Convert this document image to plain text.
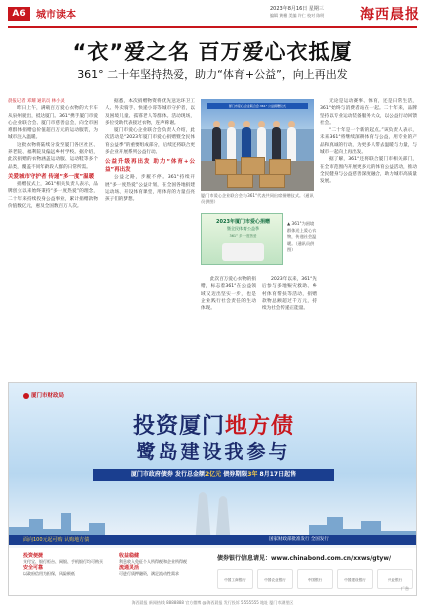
A6	城市读本
2023年8月16日 星期三
编辑 黄楸 美编 许仁 校对 陈明	海西晨报
“衣”爱之名 百万爱心衣抵厦
361° 二十年坚持热爱，助力“体育+公益”，向上再出发

晨报记者 邓耀 通讯员 林小灵

昨日上午，满载百万爱心衣物的大卡车从泉州驶出，抵达厦门。361°携手厦门市爱心企业联合会、厦门市慈善总会，向全市困难群体捐赠总价值超百万元的运动服装，为城市注入温暖。

这批衣物将陆续分发至厦门各区社区、养老院、福利院及偏远乡村学校。据介绍，此次捐赠的衣物涵盖运动服、运动鞋等多个品类，覆盖不同年龄段人群的日常所需。

关爱城市守护者 传递“多一度”温暖

捐赠仪式上，361°相关负责人表示，品牌创立以来始终秉持“多一度热爱”的理念，二十年来持续投身公益事业，累计捐赠款物价值数亿元，惠及全国数百万人次。

据悉，本次捐赠物资将优先送达环卫工人、外卖骑手、快递小哥等城市守护者，以及困境儿童、孤寡老人等群体。活动现场，多位受助代表接过衣物，连声称谢。

厦门市爱心企业联合会负责人介绍，此次活动是“2023年厦门市爱心捐赠暨全民体育公益季”的重要组成部分，后续还将联合更多企业开展系列公益行动。

公益升级再出发 助力“体育+公益”再出发

公益之路，步履不停。361°持续开展“多一度热爱”公益计划，在全国各地捐建运动场、开设体育课堂，用体育的力量点亮孩子们的梦想。

厦门市爱心企业联合会·361° 公益捐赠仪式
厦门市爱心企业联合会与361°代表共同出席捐赠仪式。（通讯员供图）
2023年厦门市爱心捐赠
暨全民体育公益季
361° 多一度热爱
▲ 361°为困境群体送上爱心衣物，传递社会温暖。（通讯员供图）

此次百万爱心衣物的捐赠，标志着361°在公益领域又迈出坚实一步，也是企业践行社会责任的生动体现。

2023年以来，361°先后参与多地赈灾救助、乡村体育帮扶等活动，捐赠款物总额超过千万元，持续为社会传递正能量。

无论是运动赛事、体育，还是日常生活，361°始终与消费者站在一起。二十年来，品牌坚持以专业运动装备服务大众，以公益行动回馈社会。

“二十年是一个新的起点。”该负责人表示，未来361°将继续深耕体育与公益，用专业的产品和真诚的行动，为更多人带去温暖与力量，与城市一起向上再出发。

据了解，361°还将联合厦门市相关部门，在全市范围内开展更多元的体育公益活动，推动全民健身与公益慈善深度融合，助力城市高质量发展。

厦门市财政局
投资厦门地方债
鹭岛建设我参与
厦门市政府债券 发行总金额2亿元 债券期限3年 8月17日起售
面向100元起可购 认购地方债	国家财政部批准发行 全国发行
投资便捷
支付宝、银行柜台、网银、手机银行均可购买
安全可靠
以政府信用为担保，风险极低
收益稳健
利息收入免征个人所得税和企业所得税
流通灵活
可进行质押融资，满足流动性需求
债券银行信息请见：www.chinabond.com.cn/xxws/gtyw/
中国工商银行	中国农业银行	中国银行	中国建设银行	兴业银行
广告
海西晨报 新闻热线 8888888 官方微博 @海西晨报 发行投诉 5555555 地址 厦门市湖里区
